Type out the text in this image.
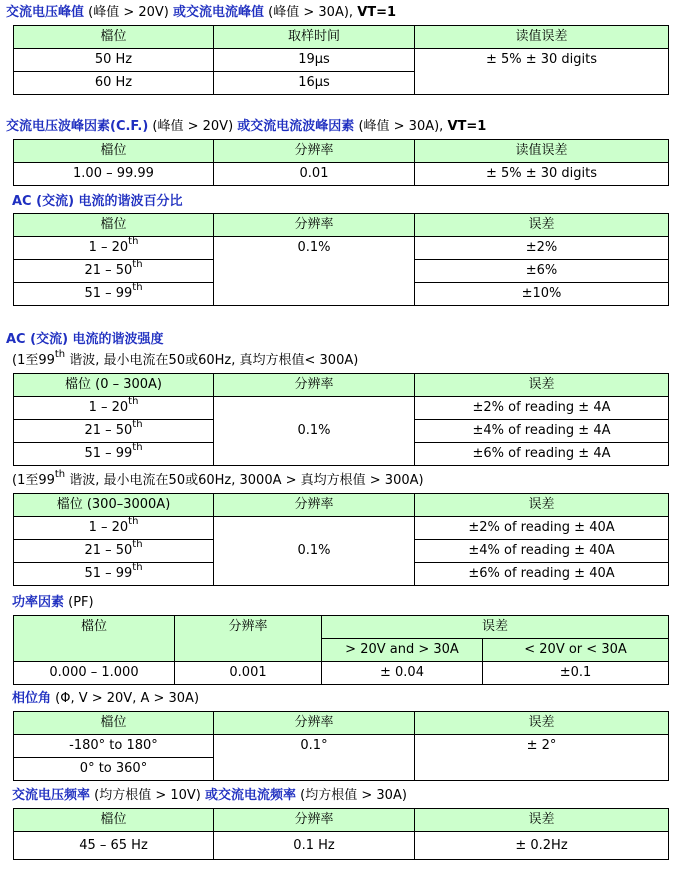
交流电压峰值 (峰值 > 20V) 或交流电流峰值 (峰值 > 30A), VT=1
檔位	取样时间	读值误差
50 Hz	19µs	± 5% ± 30 digits
60 Hz	16µs	
交流电压波峰因素(C.F.) (峰值 > 20V) 或交流电流波峰因素 (峰值 > 30A), VT=1
檔位	分辨率	读值误差
1.00 – 99.99	0.01	± 5% ± 30 digits
AC (交流) 电流的谐波百分比
檔位	分辨率	误差
1 – 20th	0.1%	±2%
21 – 50th		±6%
51 – 99th		±10%
AC (交流) 电流的谐波强度
(1至99th 谐波, 最小电流在50或60Hz, 真均方根值< 300A)
檔位 (0 – 300A)	分辨率	误差
1 – 20th	0.1%	±2% of reading ± 4A
21 – 50th		±4% of reading ± 4A
51 – 99th		±6% of reading ± 4A
(1至99th 谐波, 最小电流在50或60Hz, 3000A > 真均方根值 > 300A)
檔位 (300–3000A)	分辨率	误差
1 – 20th	0.1%	±2% of reading ± 40A
21 – 50th		±4% of reading ± 40A
51 – 99th		±6% of reading ± 40A
功率因素 (PF)
檔位	分辨率	误差	
		> 20V and > 30A	< 20V or < 30A
0.000 – 1.000	0.001	± 0.04	±0.1
相位角 (Φ, V > 20V, A > 30A)
檔位	分辨率	误差
-180° to 180°	0.1°	± 2°
0° to 360°		
交流电压频率 (均方根值 > 10V) 或交流电流频率 (均方根值 > 30A)
檔位	分辨率	误差
45 – 65 Hz	0.1 Hz	± 0.2Hz
